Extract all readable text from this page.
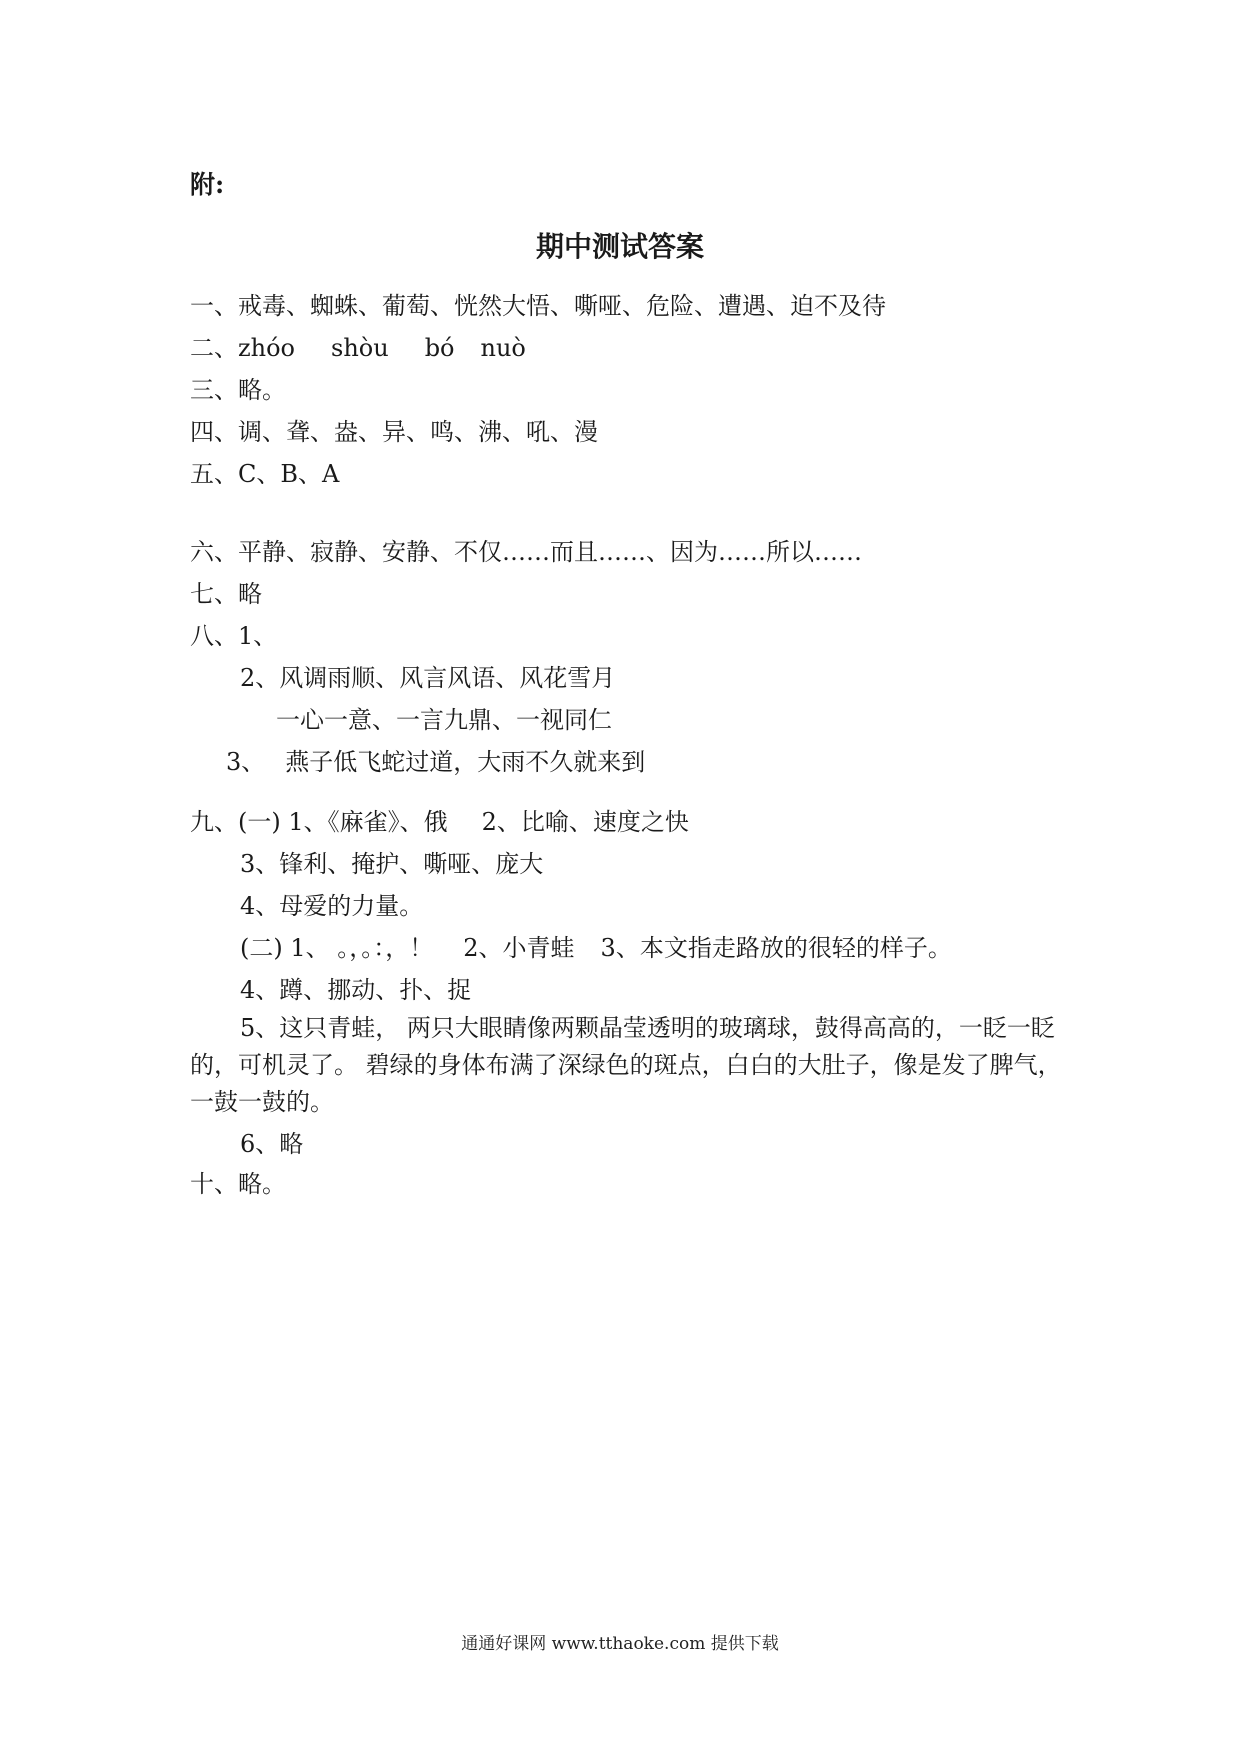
附:
期中测试答案
一、戒毒、蜘蛛、葡萄、恍然大悟、嘶哑、危险、遭遇、迫不及待
二、zhóo shòu bó nuò
三、略。
四、调、聋、盎、异、鸣、沸、吼、漫
五、C、B、A
六、平静、寂静、安静、不仅……而且……、因为……所以……
七、略
八、1、
2、风调雨顺、风言风语、风花雪月
一心一意、一言九鼎、一视同仁
3、 燕子低飞蛇过道，大雨不久就来到
九、(一) 1、《麻雀》、俄 2、比喻、速度之快
3、锋利、掩护、嘶哑、庞大
4、母爱的力量。
(二) 1、 。，。：，！ 2、小青蛙 3、本文指走路放的很轻的样子。
4、蹲、挪动、扑、捉
5、这只青蛙， 两只大眼睛像两颗晶莹透明的玻璃球，鼓得高高的，一眨一眨的，可机灵了。 碧绿的身体布满了深绿色的斑点，白白的大肚子，像是发了脾气， 一鼓一鼓的。
6、略
十、略。
通通好课网 www.tthaoke.com 提供下载
